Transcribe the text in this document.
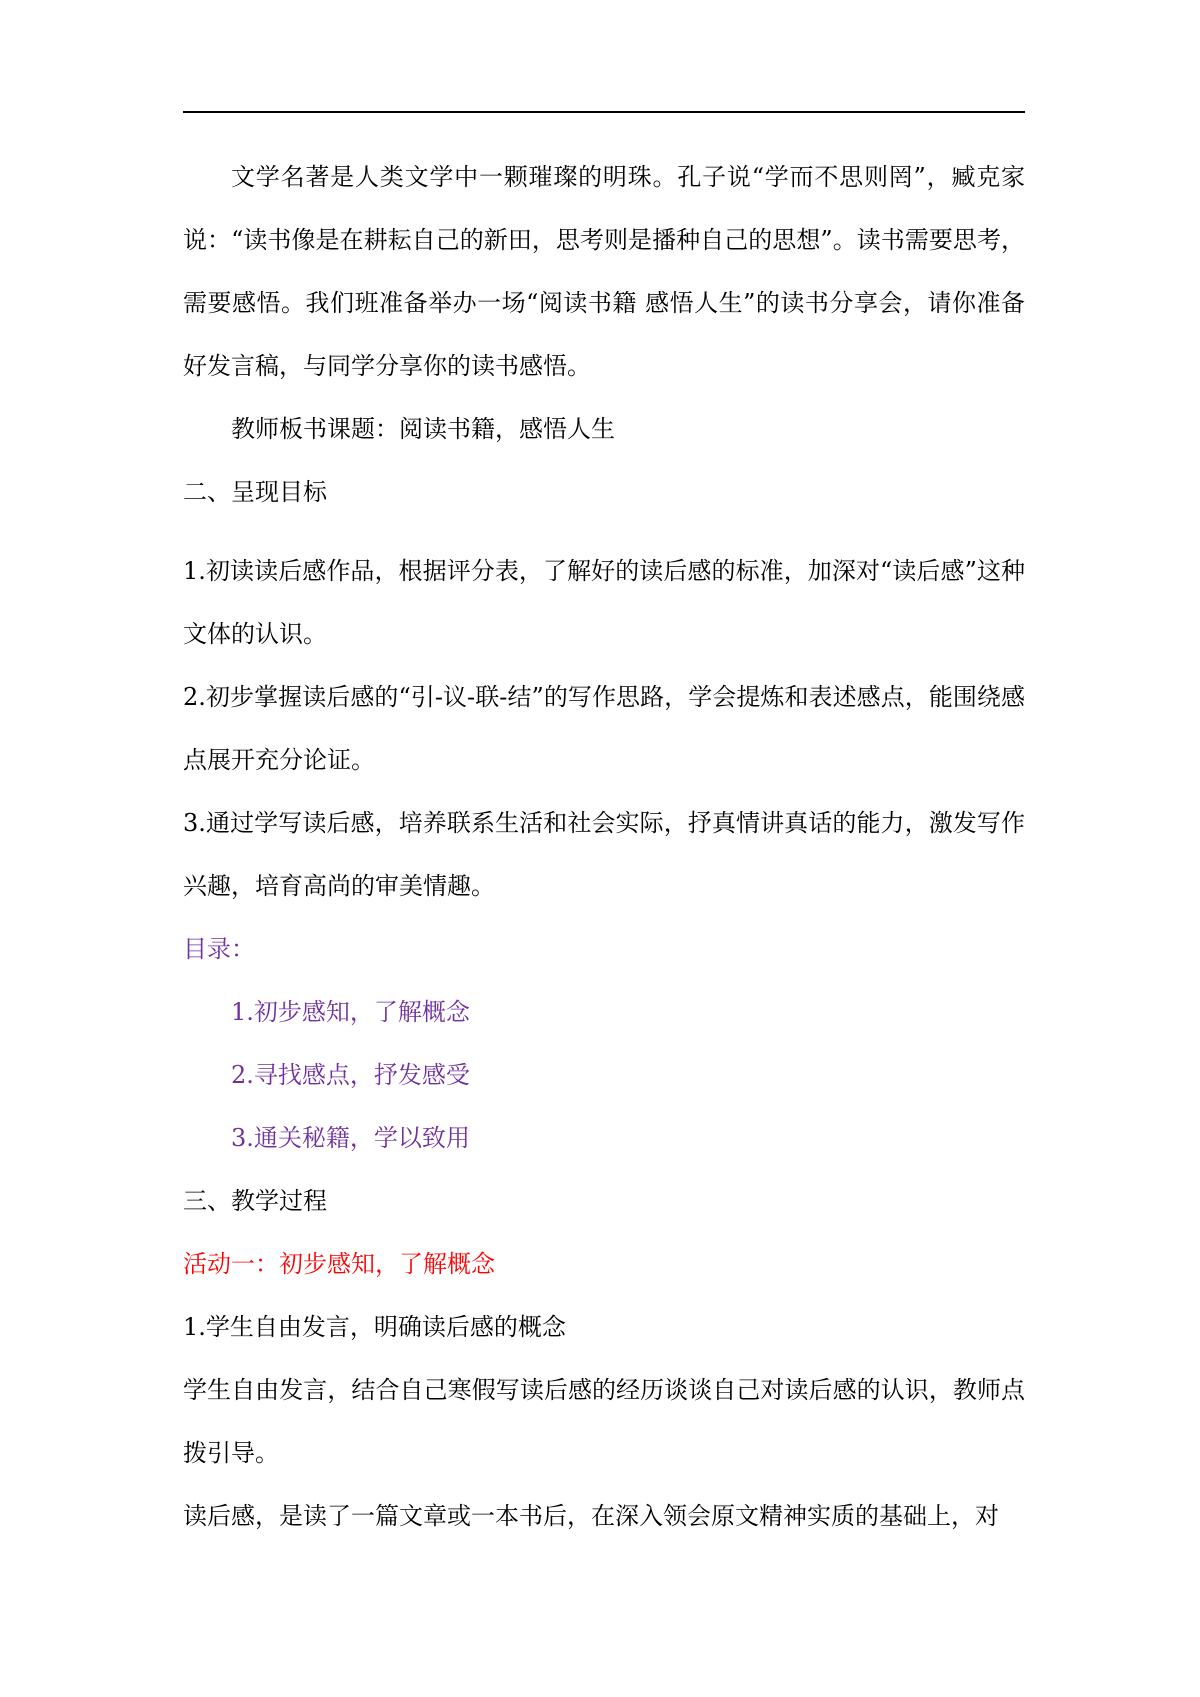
文学名著是人类文学中一颗璀璨的明珠。孔子说“学而不思则罔”，臧克家说：“读书像是在耕耘自己的新田，思考则是播种自己的思想”。读书需要思考，需要感悟。我们班准备举办一场“阅读书籍 感悟人生”的读书分享会，请你准备好发言稿，与同学分享你的读书感悟。

教师板书课题：阅读书籍，感悟人生

二、呈现目标

1.初读读后感作品，根据评分表，了解好的读后感的标准，加深对“读后感”这种文体的认识。

2.初步掌握读后感的“引-议-联-结”的写作思路，学会提炼和表述感点，能围绕感点展开充分论证。

3.通过学写读后感，培养联系生活和社会实际，抒真情讲真话的能力，激发写作兴趣，培育高尚的审美情趣。

目录：

1.初步感知，了解概念

2.寻找感点，抒发感受

3.通关秘籍，学以致用

三、教学过程

活动一：初步感知，了解概念

1.学生自由发言，明确读后感的概念

学生自由发言，结合自己寒假写读后感的经历谈谈自己对读后感的认识，教师点拨引导。

读后感，是读了一篇文章或一本书后，在深入领会原文精神实质的基础上，对
